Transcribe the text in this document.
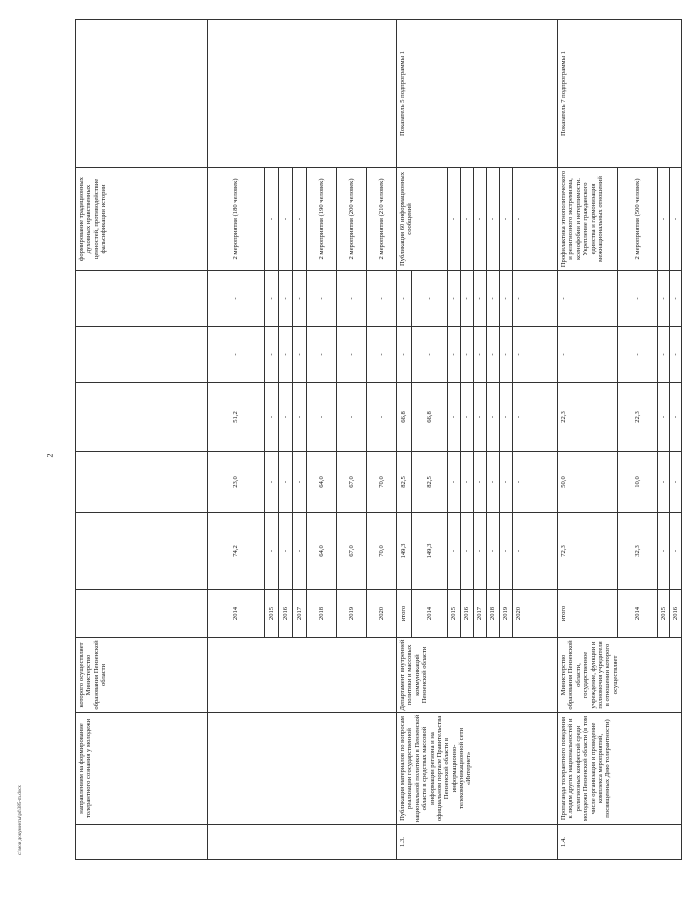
2
c:\мои документы\pd\385-m.docx
	направлениям на формирование толерантного сознания у молодежи	которого осуществляет Министерство образования Пензенской области							формирование традиционных духовных нравственных ценностей, противодействие фальсификации истории	
			2014	74,2	23,0	51,2	-	-	2 мероприятия (180 человек)	
			2015	-	-	-	-	-	-	
			2016	-	-	-	-	-	-	
			2017	-	-	-	-	-	-	
			2018	64,0	64,0	-	-	-	2 мероприятия (190 человек)	
			2019	67,0	67,0	-	-	-	2 мероприятия (200 человек)	
			2020	70,0	70,0	-	-	-	2 мероприятия (210 человек)	
1.3.	Публикация материалов по вопросам реализации государственной национальной политики в Пензенской области в средствах массовой информации региона и на официальном портале Правительства Пензенской области в информационно-телекоммуникационной сети «Интернет»	Департамент внутренней политики и массовых коммуникаций Пензенской области	итого	149,3	82,5	66,8	-	-	Публикация 60 информационных сообщений	Показатель 5 подпрограммы 1
			2014	149,3	82,5	66,8	-	-		
			2015	-	-	-	-	-	-	
			2016	-	-	-	-	-	-	
			2017	-	-	-	-	-	-	
			2018	-	-	-	-	-	-	
			2019	-	-	-	-	-	-	
			2020	-	-	-	-	-	-	
1.4.	Пропаганда толерантного поведения к людям других национальностей и религиозных конфессий среди молодежи Пензенской области (в том числе организация и проведение комплекса мероприятий, посвященных Дню толерантности)	Министерство образования Пензенской области, государственное учреждение, функции и полномочия учредителя в отношении которого осуществляет	итого	72,3	50,0	22,3	-	-	Профилактика этнополитического и религиозного экстремизма, ксенофобии и нетерпимости. Укрепление гражданского единства и гармонизация межнациональных отношений	Показатель 7 подпрограммы 1
			2014	32,3	10,0	22,3	-	-	2 мероприятия (500 человек)	
			2015	-	-	-	-	-	-	
			2016	-	-	-	-	-	-	
